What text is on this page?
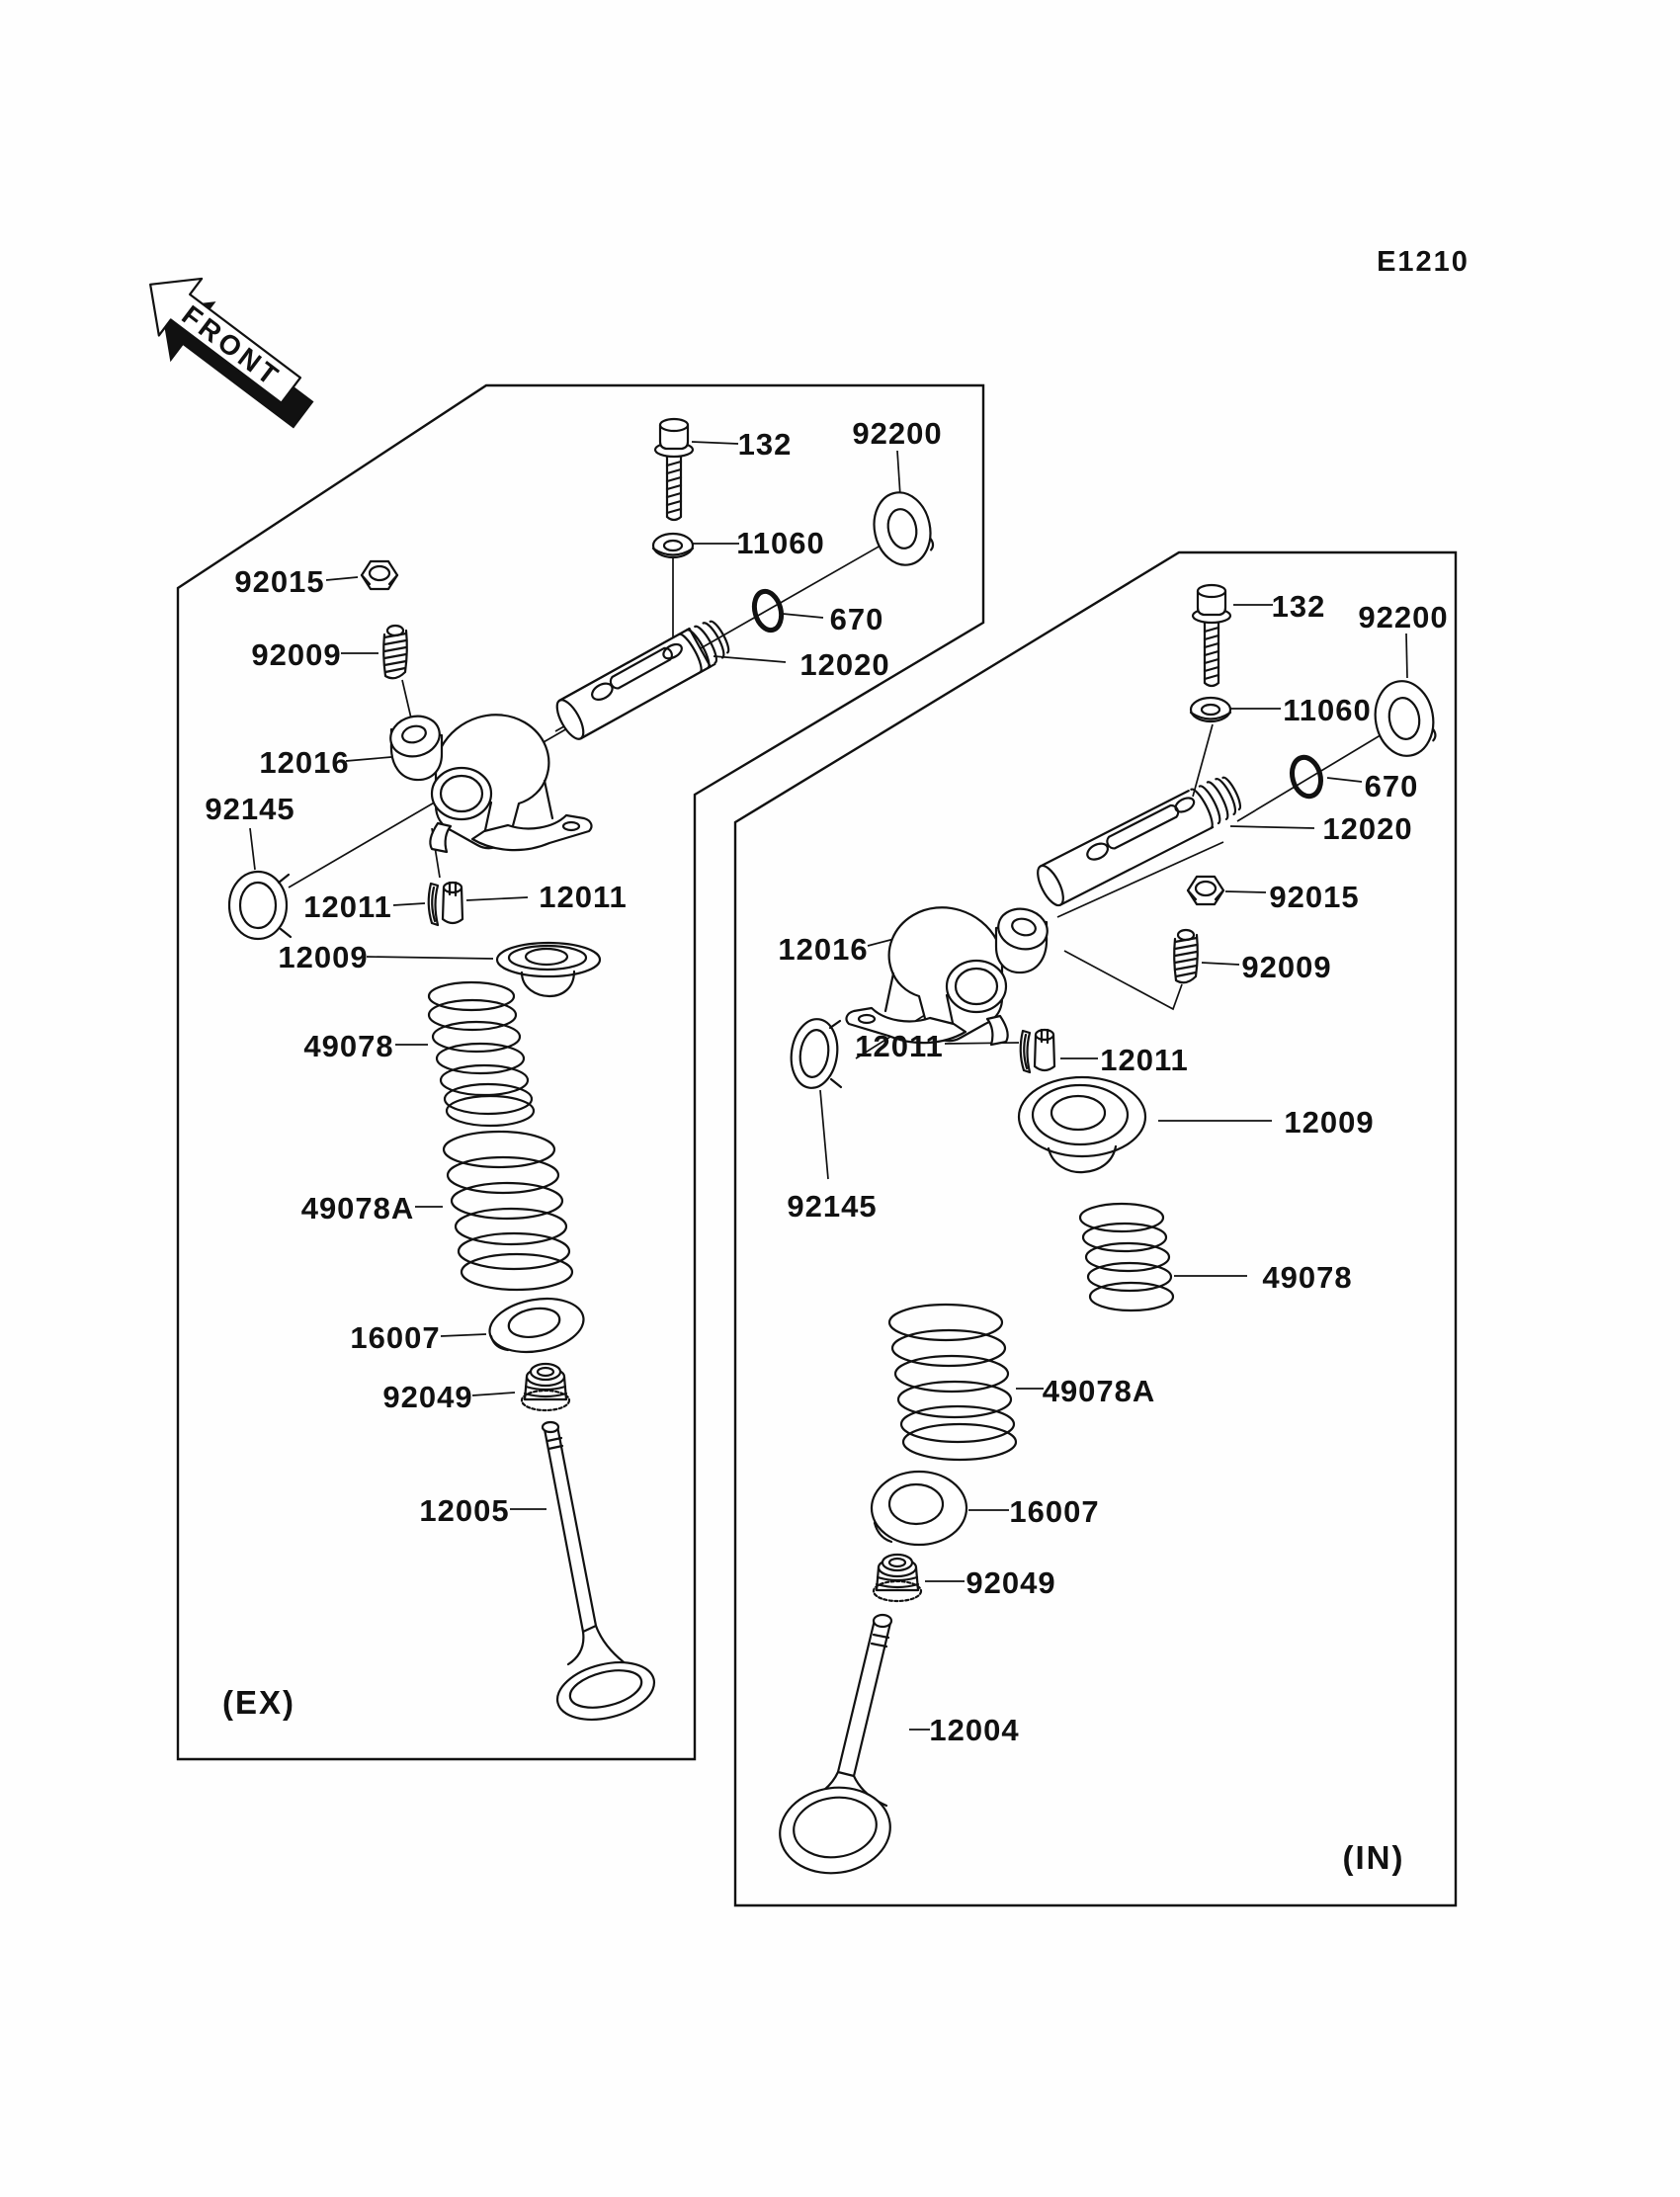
E1210
FRONT
132 92200
11060
670
12020
92015
92009
12016
92145
12011	12011
12009
49078
49078A
16007
92049
12005
(EX)
132 92200
11060
670
12020
92015
92009
12016
12011	12011
92145
12009
49078
49078A
16007
92049
12004
(IN)
